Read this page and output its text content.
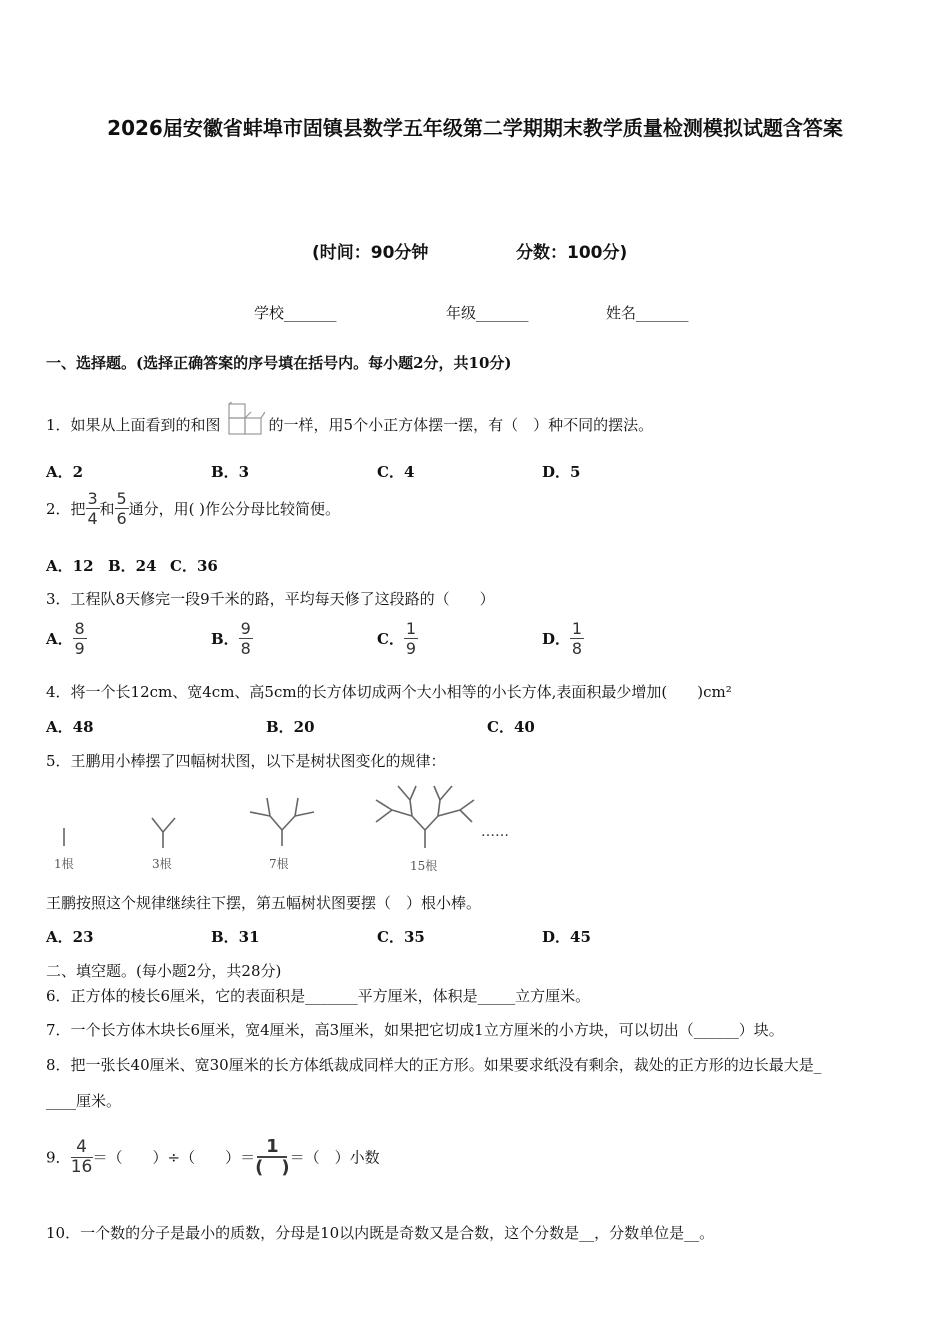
2026届安徽省蚌埠市固镇县数学五年级第二学期期末教学质量检测模拟试题含答案
(时间：90分钟	分数：100分)
学校_______	年级_______	姓名_______
一、选择题。(选择正确答案的序号填在括号内。每小题2分，共10分)
1．如果从上面看到的和图	的一样，用5个小正方体摆一摆，有（　）种不同的摆法。
A．2	B．3	C．4	D．5
2．把 $\frac{3}{4}$ 和 $\frac{5}{6}$ 通分，用( )作公分母比较简便。
A．12 B．24 C．36
3．工程队8天修完一段9千米的路，平均每天修了这段路的（　　）
A． $\frac{8}{9}$	B． $\frac{9}{8}$	C． $\frac{1}{9}$	D． $\frac{1}{8}$
4．将一个长12cm、宽4cm、高5cm的长方体切成两个大小相等的小长方体,表面积最少增加(　　)cm²
A．48	B．20	C．40
5．王鹏用小棒摆了四幅树状图，以下是树状图变化的规律：
1根	3根	7根	15根
……
王鹏按照这个规律继续往下摆，第五幅树状图要摆（　）根小棒。
A．23	B．31	C．35	D．45
二、填空题。(每小题2分，共28分)
6．正方体的棱长6厘米，它的表面积是_______平方厘米，体积是_____立方厘米。
7．一个长方体木块长6厘米，宽4厘米，高3厘米，如果把它切成1立方厘米的小方块，可以切出（______）块。
8．把一张长40厘米、宽30厘米的长方体纸裁成同样大的正方形。如果要求纸没有剩余，裁处的正方形的边长最大是_
____厘米。
9． $\frac{4}{16}$ ＝（　　）÷（　　）＝ $\frac{1}{( )}$ ＝（　）小数
10．一个数的分子是最小的质数，分母是10以内既是奇数又是合数，这个分数是__，分数单位是__。
